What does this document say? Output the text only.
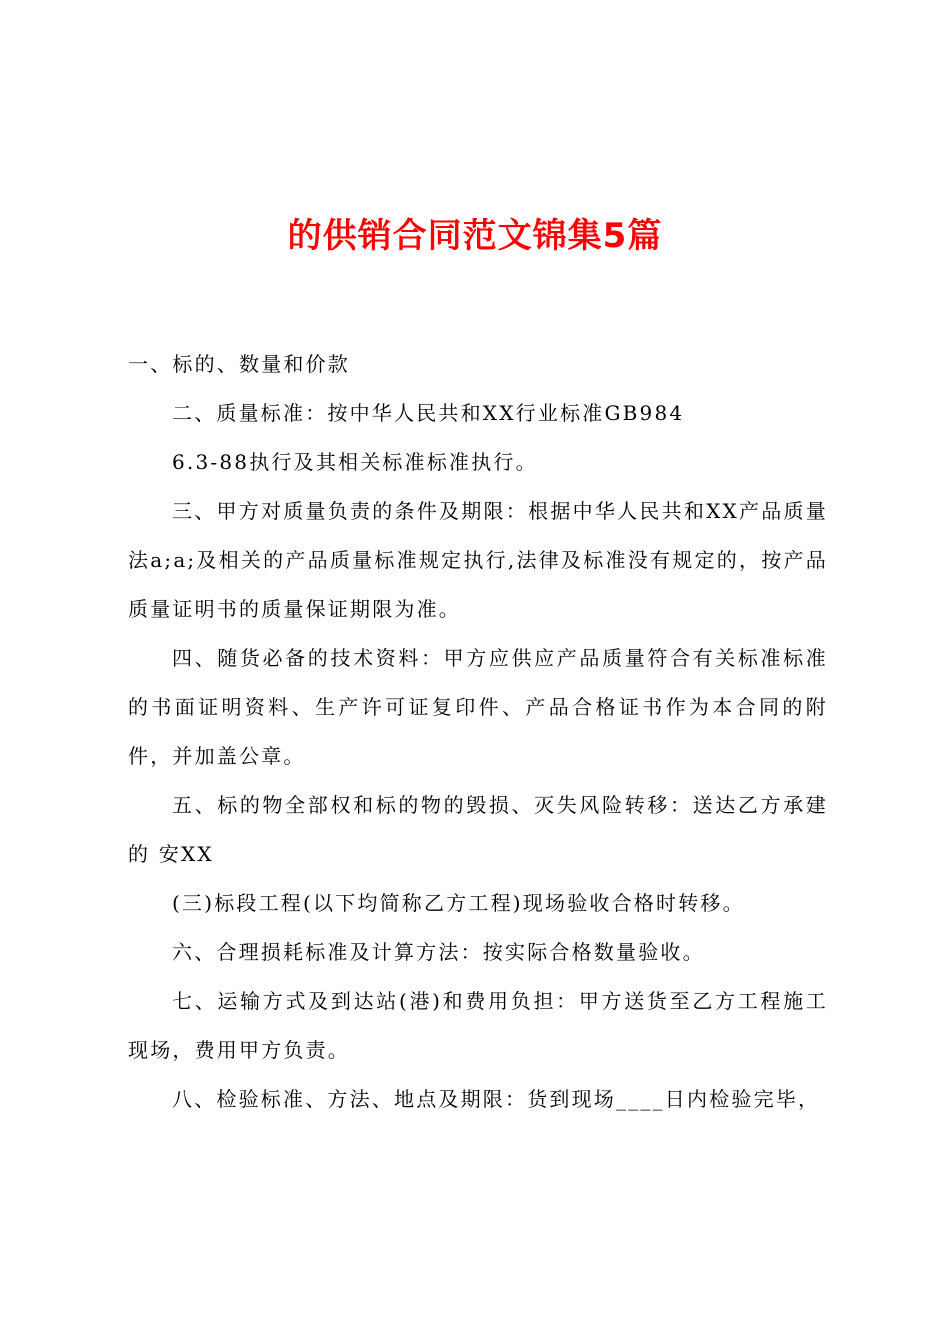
的供销合同范文锦集5篇

一、标的、数量和价款

二、质量标准：按中华人民共和XX行业标准GB984

6.3-88执行及其相关标准标准执行。

三、甲方对质量负责的条件及期限：根据中华人民共和XX产品质量法a;a;及相关的产品质量标准规定执行,法律及标准没有规定的，按产品质量证明书的质量保证期限为准。

四、随货必备的技术资料：甲方应供应产品质量符合有关标准标准的书面证明资料、生产许可证复印件、产品合格证书作为本合同的附件，并加盖公章。

五、标的物全部权和标的物的毁损、灭失风险转移：送达乙方承建的 安XX

(三)标段工程(以下均简称乙方工程)现场验收合格时转移。

六、合理损耗标准及计算方法：按实际合格数量验收。

七、运输方式及到达站(港)和费用负担：甲方送货至乙方工程施工现场，费用甲方负责。

八、检验标准、方法、地点及期限：货到现场____日内检验完毕，
